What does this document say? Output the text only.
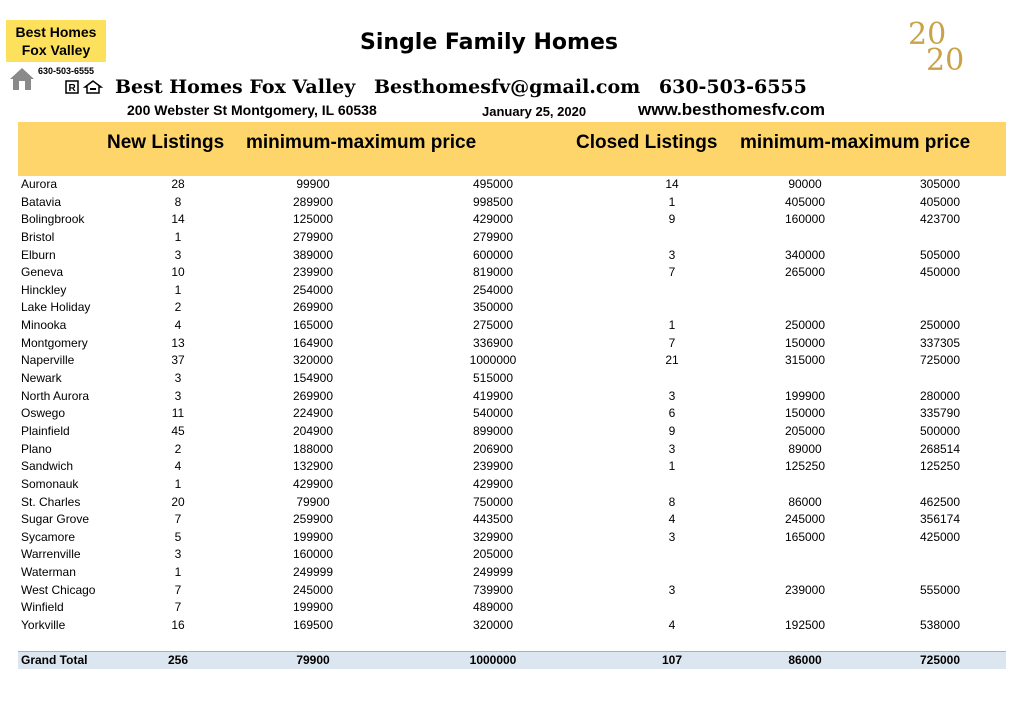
Best Homes
Fox Valley
630-503-6555
R
Single Family Homes	20
20
Best Homes Fox Valley Besthomesfv@gmail.com 630-503-6555
200 Webster St Montgomery, IL 60538	January 25, 2020	www.besthomesfv.com
New Listings minimum-maximum price	Closed Listings minimum-maximum price
Aurora	28	99900	495000	14	90000	305000
Batavia	8	289900	998500	1	405000	405000
Bolingbrook	14	125000	429000	9	160000	423700
Bristol	1	279900	279900
Elburn	3	389000	600000	3	340000	505000
Geneva	10	239900	819000	7	265000	450000
Hinckley	1	254000	254000
Lake Holiday	2	269900	350000
Minooka	4	165000	275000	1	250000	250000
Montgomery	13	164900	336900	7	150000	337305
Naperville	37	320000	1000000	21	315000	725000
Newark	3	154900	515000
North Aurora	3	269900	419900	3	199900	280000
Oswego	11	224900	540000	6	150000	335790
Plainfield	45	204900	899000	9	205000	500000
Plano	2	188000	206900	3	89000	268514
Sandwich	4	132900	239900	1	125250	125250
Somonauk	1	429900	429900
St. Charles	20	79900	750000	8	86000	462500
Sugar Grove	7	259900	443500	4	245000	356174
Sycamore	5	199900	329900	3	165000	425000
Warrenville	3	160000	205000
Waterman	1	249999	249999
West Chicago	7	245000	739900	3	239000	555000
Winfield	7	199900	489000
Yorkville	16	169500	320000	4	192500	538000
Grand Total	256	79900	1000000	107	86000	725000
